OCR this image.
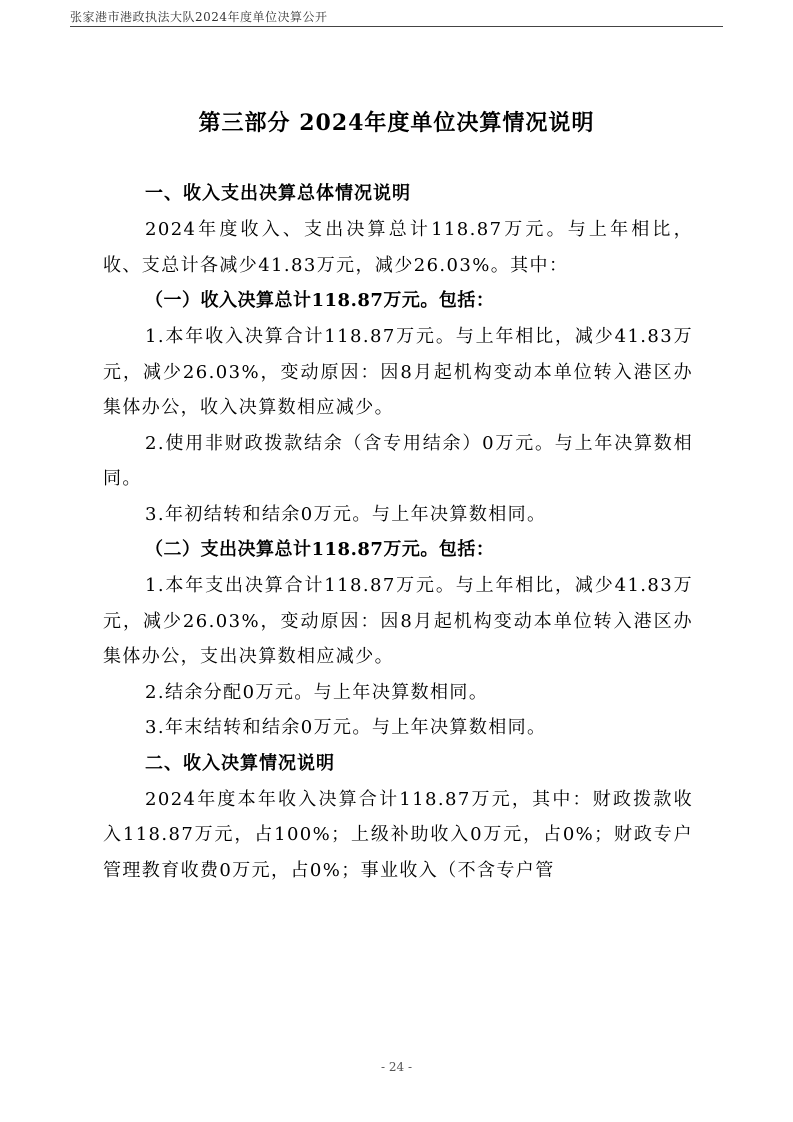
张家港市港政执法大队2024年度单位决算公开
第三部分 2024年度单位决算情况说明
一、收入支出决算总体情况说明

2024年度收入、支出决算总计118.87万元。与上年相比，收、支总计各减少41.83万元，减少26.03%。其中：

（一）收入决算总计118.87万元。包括：

1.本年收入决算合计118.87万元。与上年相比，减少41.83万元，减少26.03%，变动原因：因8月起机构变动本单位转入港区办集体办公，收入决算数相应减少。

2.使用非财政拨款结余（含专用结余）0万元。与上年决算数相同。

3.年初结转和结余0万元。与上年决算数相同。

（二）支出决算总计118.87万元。包括：

1.本年支出决算合计118.87万元。与上年相比，减少41.83万元，减少26.03%，变动原因：因8月起机构变动本单位转入港区办集体办公，支出决算数相应减少。

2.结余分配0万元。与上年决算数相同。

3.年末结转和结余0万元。与上年决算数相同。

二、收入决算情况说明

2024年度本年收入决算合计118.87万元，其中：财政拨款收入118.87万元，占100%；上级补助收入0万元，占0%；财政专户管理教育收费0万元，占0%；事业收入（不含专户管

- 24 -
